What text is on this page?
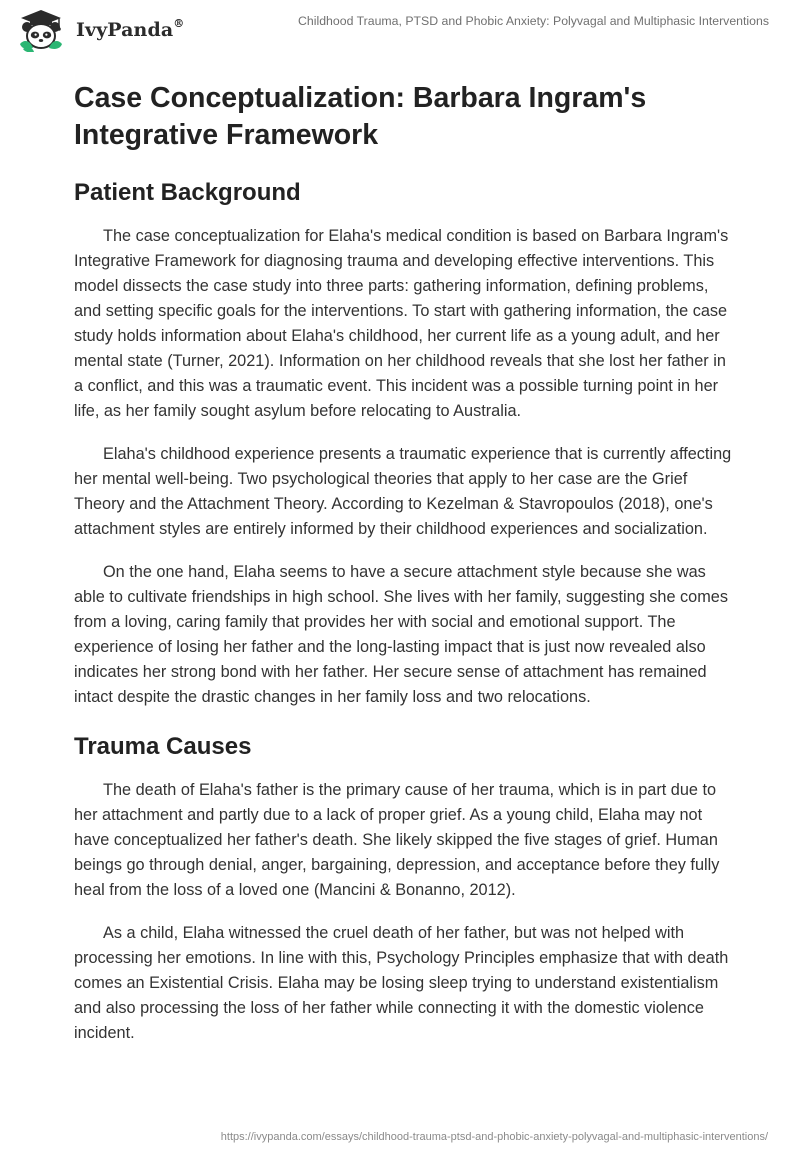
IvyPanda®	Childhood Trauma, PTSD and Phobic Anxiety: Polyvagal and Multiphasic Interventions
Case Conceptualization: Barbara Ingram's Integrative Framework
Patient Background

The case conceptualization for Elaha's medical condition is based on Barbara Ingram's Integrative Framework for diagnosing trauma and developing effective interventions. This model dissects the case study into three parts: gathering information, defining problems, and setting specific goals for the interventions. To start with gathering information, the case study holds information about Elaha's childhood, her current life as a young adult, and her mental state (Turner, 2021). Information on her childhood reveals that she lost her father in a conflict, and this was a traumatic event. This incident was a possible turning point in her life, as her family sought asylum before relocating to Australia.

Elaha's childhood experience presents a traumatic experience that is currently affecting her mental well-being. Two psychological theories that apply to her case are the Grief Theory and the Attachment Theory. According to Kezelman & Stavropoulos (2018), one's attachment styles are entirely informed by their childhood experiences and socialization.

On the one hand, Elaha seems to have a secure attachment style because she was able to cultivate friendships in high school. She lives with her family, suggesting she comes from a loving, caring family that provides her with social and emotional support. The experience of losing her father and the long-lasting impact that is just now revealed also indicates her strong bond with her father. Her secure sense of attachment has remained intact despite the drastic changes in her family loss and two relocations.

Trauma Causes

The death of Elaha's father is the primary cause of her trauma, which is in part due to her attachment and partly due to a lack of proper grief. As a young child, Elaha may not have conceptualized her father's death. She likely skipped the five stages of grief. Human beings go through denial, anger, bargaining, depression, and acceptance before they fully heal from the loss of a loved one (Mancini & Bonanno, 2012).

As a child, Elaha witnessed the cruel death of her father, but was not helped with processing her emotions. In line with this, Psychology Principles emphasize that with death comes an Existential Crisis. Elaha may be losing sleep trying to understand existentialism and also processing the loss of her father while connecting it with the domestic violence incident.

https://ivypanda.com/essays/childhood-trauma-ptsd-and-phobic-anxiety-polyvagal-and-multiphasic-interventions/
